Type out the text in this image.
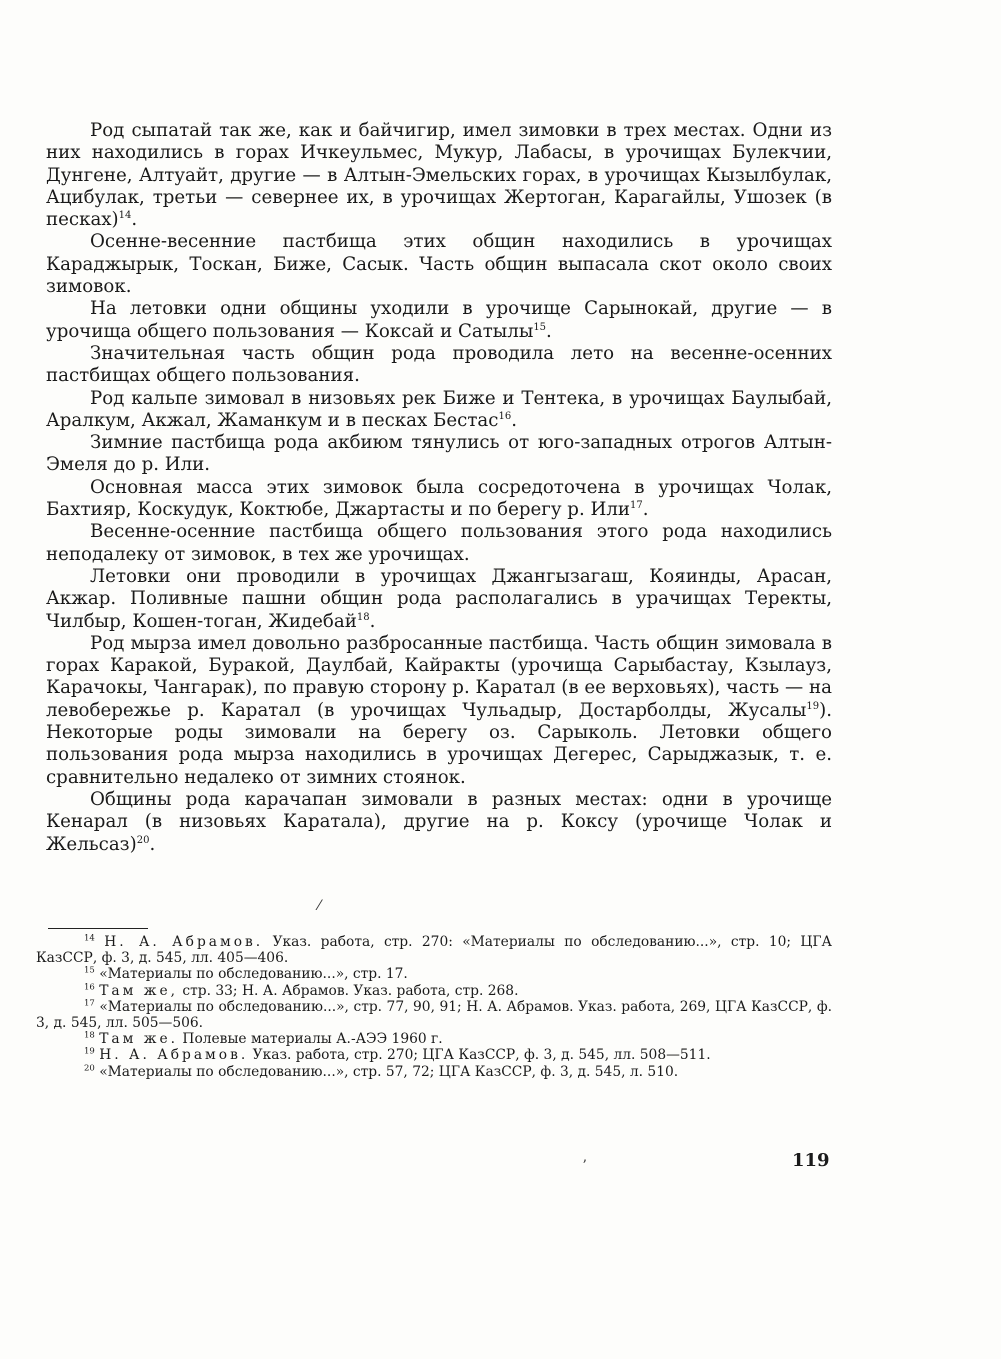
Род сыпатай так же, как и байчигир, имел зимовки в трех местах. Одни из них находились в горах Ичкеульмес, Мукур, Лабасы, в урочищах Булекчии, Дунгене, Алтуайт, другие — в Алтын-Эмельских горах, в урочищах Кызылбулак, Ацибулак, третьи — севернее их, в урочищах Жертоган, Карагайлы, Ушозек (в песках)$^{14}$.

Осенне-весенние пастбища этих общин находились в урочищах Караджырык, Тоскан, Биже, Сасык. Часть общин выпасала скот около своих зимовок.

На летовки одни общины уходили в урочище Сарынокай, другие — в урочища общего пользования — Коксай и Сатылы$^{15}$.

Значительная часть общин рода проводила лето на весенне-осенних пастбищах общего пользования.

Род кальпе зимовал в низовьях рек Биже и Тентека, в урочищах Баулыбай, Аралкум, Акжал, Жаманкум и в песках Бестас$^{16}$.

Зимние пастбища рода акбиюм тянулись от юго-западных отрогов Алтын-Эмеля до р. Или.

Основная масса этих зимовок была сосредоточена в урочищах Чолак, Бахтияр, Коскудук, Коктюбе, Джартасты и по берегу р. Или$^{17}$.

Весенне-осенние пастбища общего пользования этого рода находились неподалеку от зимовок, в тех же урочищах.

Летовки они проводили в урочищах Джангызагаш, Кояинды, Арасан, Акжар. Поливные пашни общин рода располагались в урачищах Теректы, Чилбыр, Кошен-тоган, Жидебай$^{18}$.

Род мырза имел довольно разбросанные пастбища. Часть общин зимовала в горах Каракой, Буракой, Даулбай, Кайракты (урочища Сарыбастау, Кзылауз, Карачокы, Чангарак), по правую сторону р. Каратал (в ее верховьях), часть — на левобережье р. Каратал (в урочищах Чульадыр, Достарболды, Жусалы$^{19}$). Некоторые роды зимовали на берегу оз. Сарыколь. Летовки общего пользования рода мырза находились в урочищах Дегерес, Сарыджазык, т. е. сравнительно недалеко от зимних стоянок.

Общины рода карачапан зимовали в разных местах: одни в урочище Кенарал (в низовьях Каратала), другие на р. Коксу (урочище Чолак и Жельсаз)$^{20}$.

$^{14}$ Н. А. Абрамов. Указ. работа, стр. 270: «Материалы по обследованию...», стр. 10; ЦГА КазССР, ф. 3, д. 545, лл. 405—406.

$^{15}$ «Материалы по обследованию...», стр. 17.

$^{16}$ Там же, стр. 33; Н. А. Абрамов. Указ. работа, стр. 268.

$^{17}$ «Материалы по обследованию...», стр. 77, 90, 91; Н. А. Абрамов. Указ. работа, 269, ЦГА КазССР, ф. 3, д. 545, лл. 505—506.

$^{18}$ Там же. Полевые материалы А.-АЭЭ 1960 г.

$^{19}$ Н. А. Абрамов. Указ. работа, стр. 270; ЦГА КазССР, ф. 3, д. 545, лл. 508—511.

$^{20}$ «Материалы по обследованию...», стр. 57, 72; ЦГА КазССР, ф. 3, д. 545, л. 510.

119
⁄
ʼ
